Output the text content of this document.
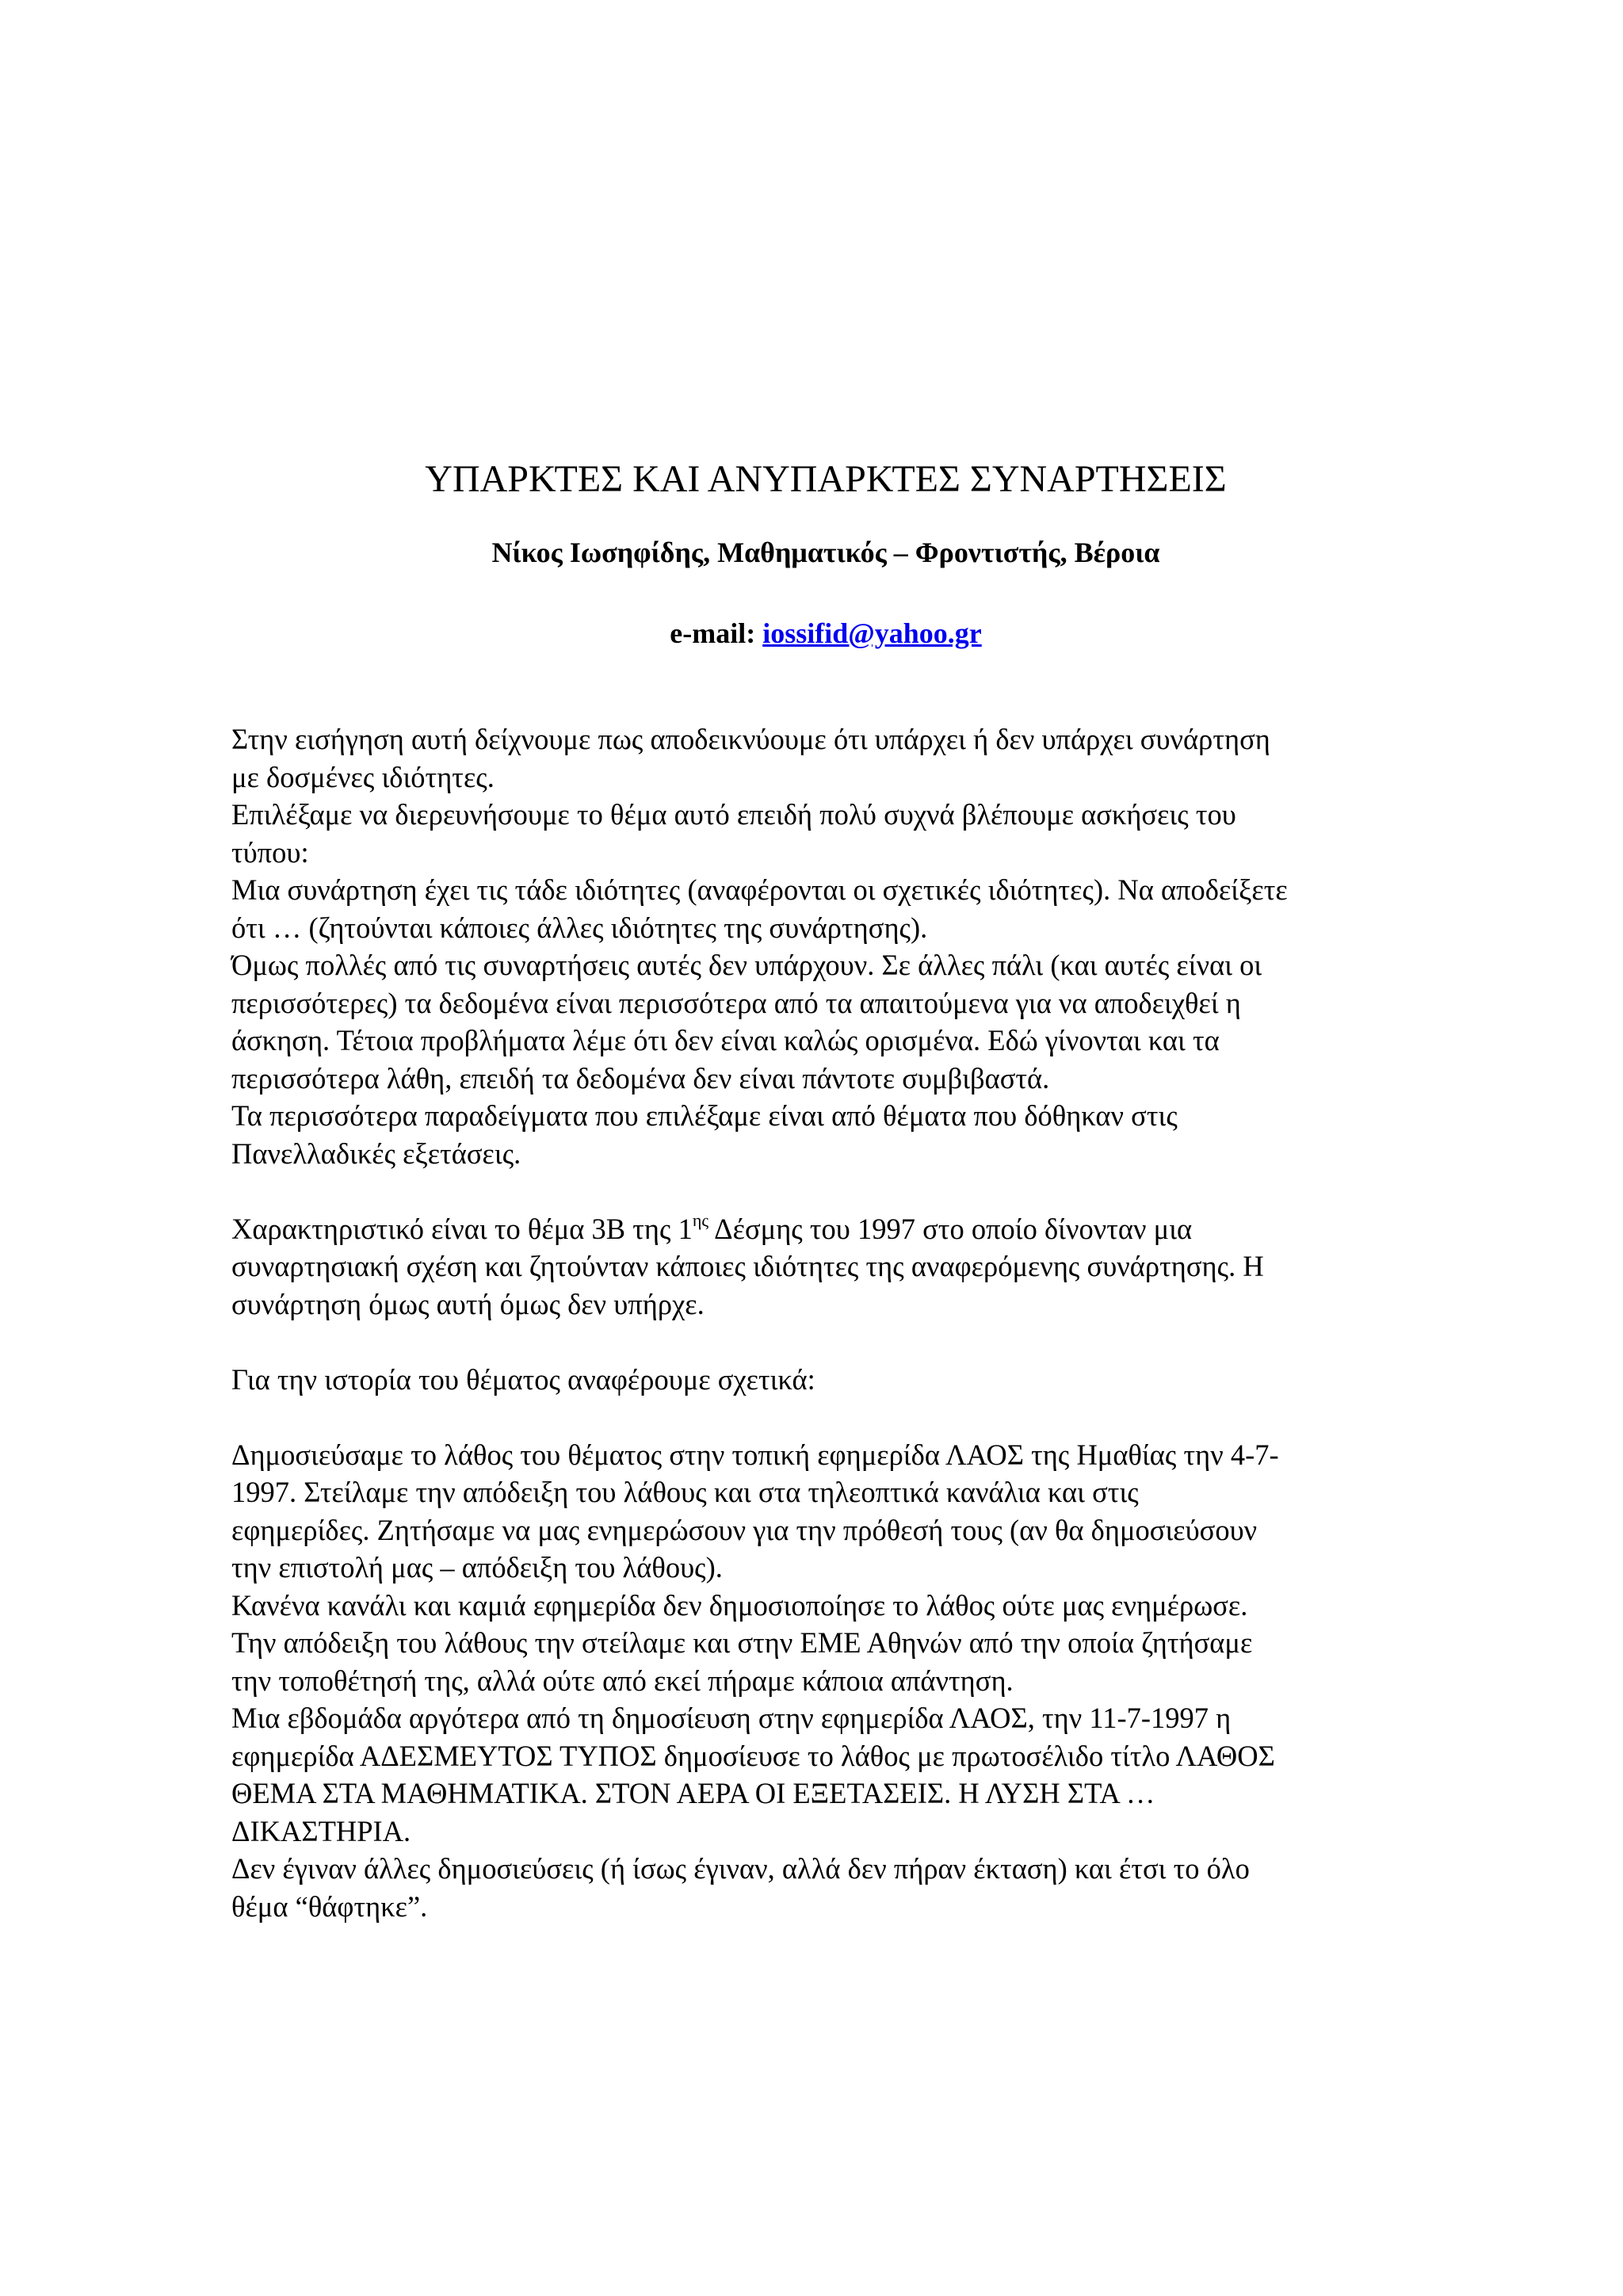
ΥΠΑΡΚΤΕΣ ΚΑΙ ΑΝΥΠΑΡΚΤΕΣ ΣΥΝΑΡΤΗΣΕΙΣ
Νίκος Ιωσηφίδης, Μαθηματικός – Φροντιστής, Βέροια
e-mail: iossifid@yahoo.gr
Στην εισήγηση αυτή δείχνουμε πως αποδεικνύουμε ότι υπάρχει ή δεν υπάρχει συνάρτηση
με δοσμένες ιδιότητες.
Επιλέξαμε να διερευνήσουμε το θέμα αυτό επειδή πολύ συχνά βλέπουμε ασκήσεις του
τύπου:
Μια συνάρτηση έχει τις τάδε ιδιότητες (αναφέρονται οι σχετικές ιδιότητες). Να αποδείξετε
ότι … (ζητούνται κάποιες άλλες ιδιότητες της συνάρτησης).
Όμως πολλές από τις συναρτήσεις αυτές δεν υπάρχουν. Σε άλλες πάλι (και αυτές είναι οι
περισσότερες) τα δεδομένα είναι περισσότερα από τα απαιτούμενα για να αποδειχθεί η
άσκηση. Τέτοια προβλήματα λέμε ότι δεν είναι καλώς ορισμένα. Εδώ γίνονται και τα
περισσότερα λάθη, επειδή τα δεδομένα δεν είναι πάντοτε συμβιβαστά.
Τα περισσότερα παραδείγματα που επιλέξαμε είναι από θέματα που δόθηκαν στις
Πανελλαδικές εξετάσεις.
Χαρακτηριστικό είναι το θέμα 3Β της $1^{\eta\varsigma}$ Δέσμης του 1997 στο οποίο δίνονταν μια
συναρτησιακή σχέση και ζητούνταν κάποιες ιδιότητες της αναφερόμενης συνάρτησης. Η
συνάρτηση όμως αυτή όμως δεν υπήρχε.
Για την ιστορία του θέματος αναφέρουμε σχετικά:
Δημοσιεύσαμε το λάθος του θέματος στην τοπική εφημερίδα ΛΑΟΣ της Ημαθίας την 4-7-
1997. Στείλαμε την απόδειξη του λάθους και στα τηλεοπτικά κανάλια και στις
εφημερίδες. Ζητήσαμε να μας ενημερώσουν για την πρόθεσή τους (αν θα δημοσιεύσουν
την επιστολή μας – απόδειξη του λάθους).
Κανένα κανάλι και καμιά εφημερίδα δεν δημοσιοποίησε το λάθος ούτε μας ενημέρωσε.
Την απόδειξη του λάθους την στείλαμε και στην ΕΜΕ Αθηνών από την οποία ζητήσαμε
την τοποθέτησή της, αλλά ούτε από εκεί πήραμε κάποια απάντηση.
Μια εβδομάδα αργότερα από τη δημοσίευση στην εφημερίδα ΛΑΟΣ, την 11-7-1997 η
εφημερίδα ΑΔΕΣΜΕΥΤΟΣ ΤΥΠΟΣ δημοσίευσε το λάθος με πρωτοσέλιδο τίτλο ΛΑΘΟΣ
ΘΕΜΑ ΣΤΑ ΜΑΘΗΜΑΤΙΚΑ. ΣΤΟΝ ΑΕΡΑ ΟΙ ΕΞΕΤΑΣΕΙΣ. Η ΛΥΣΗ ΣΤΑ …
ΔΙΚΑΣΤΗΡΙΑ.
Δεν έγιναν άλλες δημοσιεύσεις (ή ίσως έγιναν, αλλά δεν πήραν έκταση) και έτσι το όλο
θέμα “θάφτηκε”.
